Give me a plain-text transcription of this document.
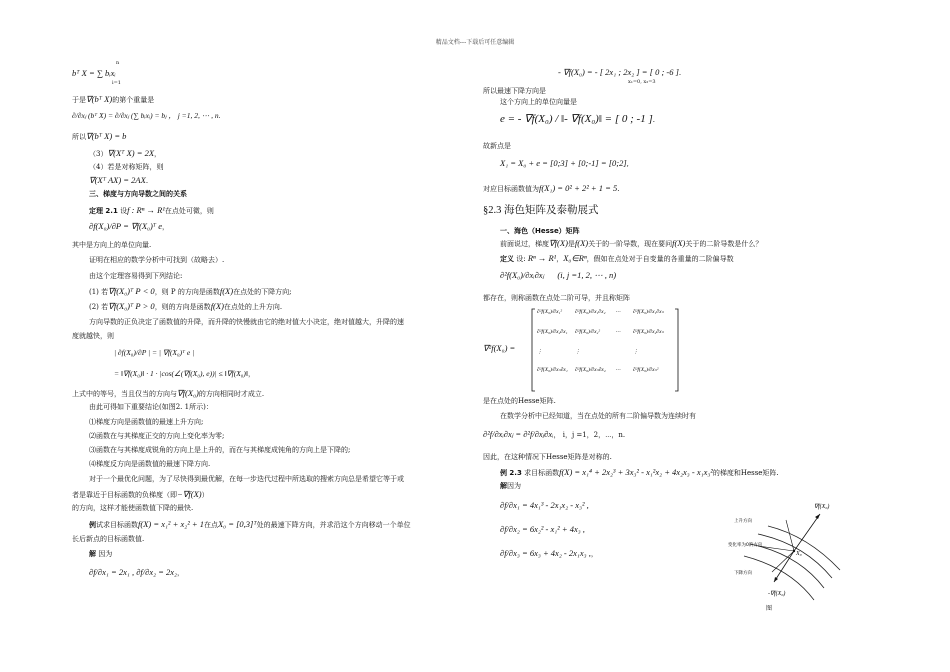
精品文档---下载后可任意编辑
bᵀ X = ∑ bᵢxᵢ
n
i=1
于是∇(bᵀ X)的第个重量是
∂/∂xⱼ (bᵀ X) = ∂/∂xⱼ (∑ bᵢxᵢ) = bⱼ ， j =1, 2, ⋯ , n.
所以∇(bᵀ X) = b
（3）∇(Xᵀ X) = 2X，
（4）若是对称矩阵，则
∇(Xᵀ AX) = 2AX.
三、梯度与方向导数之间的关系
定理 2.1 设f : Rⁿ → R¹在点处可微，则
∂f(X₀)/∂P = ∇f(X₀)ᵀ e，
其中是方向上的单位向量.
证明在相应的数学分析中可找到（故略去）.
由这个定理容易得到下列结论:
(1) 若∇f(X₀)ᵀ P < 0，则 P 的方向是函数f(X)在点处的下降方向;
(2) 若∇f(X₀)ᵀ P > 0，则的方向是函数f(X)在点处的上升方向.
方向导数的正负决定了函数值的升降，而升降的快慢就由它的绝对值大小决定，绝对值越大，升降的速
度就越快，则
| ∂f(X₀)/∂P | = | ∇f(X₀)ᵀ e |
= ‖∇f(X₀)‖ · 1 · |cos(∠(∇f(X₀), e))| ≤ ‖∇f(X₀)‖，
上式中的等号，当且仅当的方向与∇f(X₀)的方向相同时才成立.
由此可得如下重要结论(如图2. 1所示)：
⑴梯度方向是函数值的最速上升方向;
⑵函数在与其梯度正交的方向上变化率为零;
⑶函数在与其梯度成锐角的方向上是上升的，而在与其梯度成钝角的方向上是下降的;
⑷梯度反方向是函数值的最速下降方向.
对于一个最优化问题，为了尽快得到最优解，在每一步迭代过程中所选取的搜索方向总是希望它等于或
者是靠近于目标函数的负梯度（即−∇f(X)）
的方向，这样才能使函数值下降的最快.
例试求目标函数f(X) = x₁² + x₂² + 1在点X₀ = [0,3]ᵀ处的最速下降方向，并求沿这个方向移动一个单位
长后新点的目标函数值.
解 因为
∂f/∂x₁ = 2x₁ , ∂f/∂x₂ = 2x₂，
- ∇f(X₀) = - [ 2x₁ ; 2x₂ ] = [ 0 ; -6 ].
x₁=0, x₂=3
所以最速下降方向是
这个方向上的单位向量是
e = - ∇f(X₀) / ‖- ∇f(X₀)‖ = [ 0 ; -1 ].
故新点是
X₁ = X₀ + e = [0;3] + [0;-1] = [0;2],
对应目标函数值为f(X₁) = 0² + 2² + 1 = 5.
§2.3 海色矩阵及泰勒展式
一、海色（Hesse）矩阵
前面说过，梯度∇f(X)是f(X)关于的一阶导数，现在要问f(X)关于的二阶导数是什么？
定义 设: Rⁿ → R¹，X₀∈Rⁿ，假如在点处对于自变量的各重量的二阶偏导数
∂²f(X₀)/∂xᵢ∂xⱼ (i, j =1, 2, ⋯ , n)
都存在，则称函数在点处二阶可导，并且称矩阵
∇²f(X₀) =
∂²f(X₀)/∂x₁² ∂²f(X₀)/∂x₁∂x₂ ⋯ ∂²f(X₀)/∂x₁∂xₙ
∂²f(X₀)/∂x₂∂x₁ ∂²f(X₀)/∂x₂²	⋯ ∂²f(X₀)/∂x₂∂xₙ
⋮	⋮	⋮
∂²f(X₀)/∂xₙ∂x₁ ∂²f(X₀)/∂xₙ∂x₂ ⋯ ∂²f(X₀)/∂xₙ²
是在点处的Hesse矩阵.
在数学分析中已经知道，当在点处的所有二阶偏导数为连续时有
∂²f/∂xᵢ∂xⱼ = ∂²f/∂xⱼ∂xᵢ， i，j =1，2，⋯，n.
因此，在这种情况下Hesse矩阵是对称的.
例 2.3 求目标函数f(X) = x₁⁴ + 2x₂³ + 3x₃² - x₁²x₂ + 4x₂x₃ - x₁x₃²的梯度和Hesse矩阵.
解因为
∂f/∂x₁ = 4x₁³ - 2x₁x₂ - x₃² ,
∂f/∂x₂ = 6x₂² - x₁² + 4x₃ ,
∂f/∂x₃ = 6x₃ + 4x₂ - 2x₁x₃ ,，
上升方向
∇f(X₀)
变化率为0的方向
X₀
下降方向
-∇f(X₀)
图
